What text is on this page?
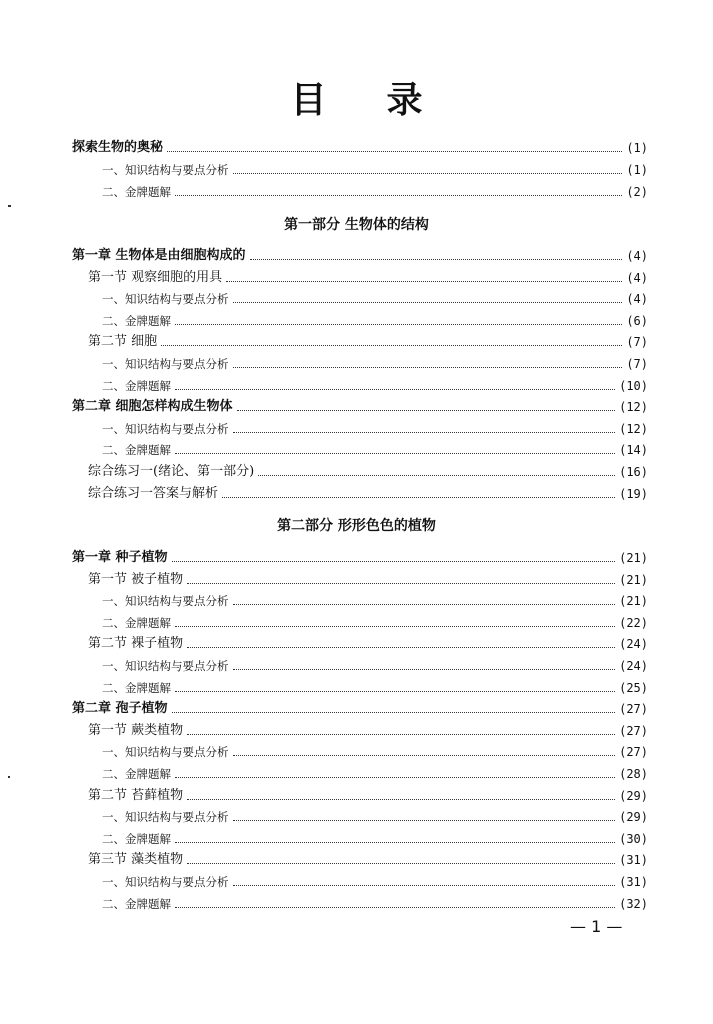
目 录
探索生物的奥秘	(1)
一、知识结构与要点分析	(1)
二、金牌题解	(2)
第一部分 生物体的结构
第一章 生物体是由细胞构成的	(4)
第一节 观察细胞的用具	(4)
一、知识结构与要点分析	(4)
二、金牌题解	(6)
第二节 细胞	(7)
一、知识结构与要点分析	(7)
二、金牌题解	(10)
第二章 细胞怎样构成生物体	(12)
一、知识结构与要点分析	(12)
二、金牌题解	(14)
综合练习一(绪论、第一部分)	(16)
综合练习一答案与解析	(19)
第二部分 形形色色的植物
第一章 种子植物	(21)
第一节 被子植物	(21)
一、知识结构与要点分析	(21)
二、金牌题解	(22)
第二节 裸子植物	(24)
一、知识结构与要点分析	(24)
二、金牌题解	(25)
第二章 孢子植物	(27)
第一节 蕨类植物	(27)
一、知识结构与要点分析	(27)
二、金牌题解	(28)
第二节 苔藓植物	(29)
一、知识结构与要点分析	(29)
二、金牌题解	(30)
第三节 藻类植物	(31)
一、知识结构与要点分析	(31)
二、金牌题解	(32)
— 1 —
